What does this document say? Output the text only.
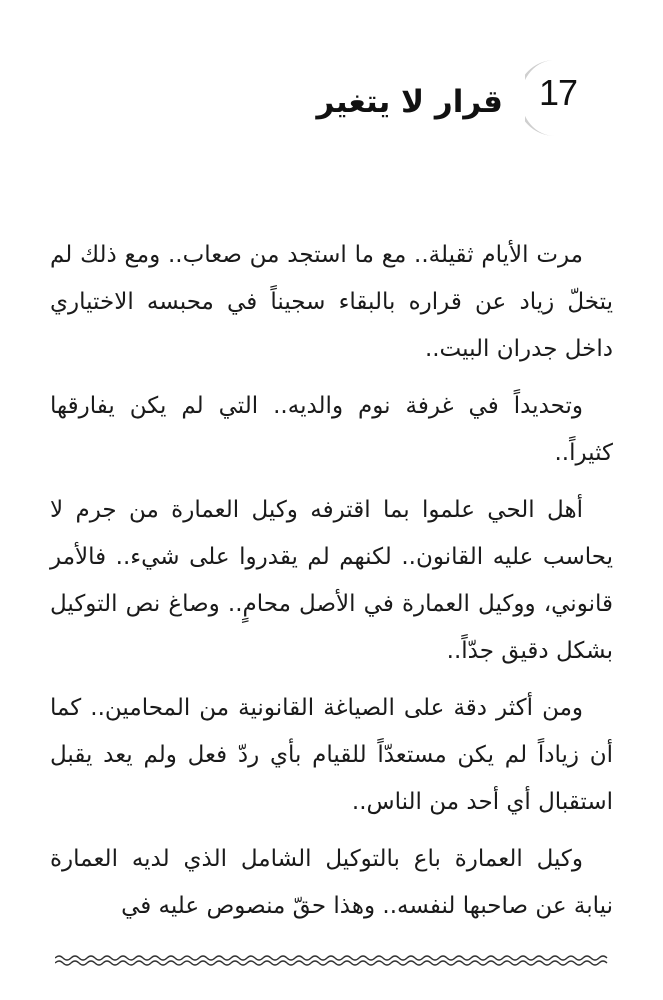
17
قرار لا يتغير

مرت الأيام ثقيلة.. مع ما استجد من صعاب.. ومع ذلك لم يتخلّ زياد عن قراره بالبقاء سجيناً في محبسه الاختياري داخل جدران البيت..

وتحديداً في غرفة نوم والديه.. التي لم يكن يفارقها كثيراً..

أهل الحي علموا بما اقترفه وكيل العمارة من جرم لا يحاسب عليه القانون.. لكنهم لم يقدروا على شيء.. فالأمر قانوني، ووكيل العمارة في الأصل محامٍ.. وصاغ نص التوكيل بشكل دقيق جدّاً..

ومن أكثر دقة على الصياغة القانونية من المحامين.. كما أن زياداً لم يكن مستعدّاً للقيام بأي ردّ فعل ولم يعد يقبل استقبال أي أحد من الناس..

وكيل العمارة باع بالتوكيل الشامل الذي لديه العمارة نيابة عن صاحبها لنفسه.. وهذا حقّ منصوص عليه في
